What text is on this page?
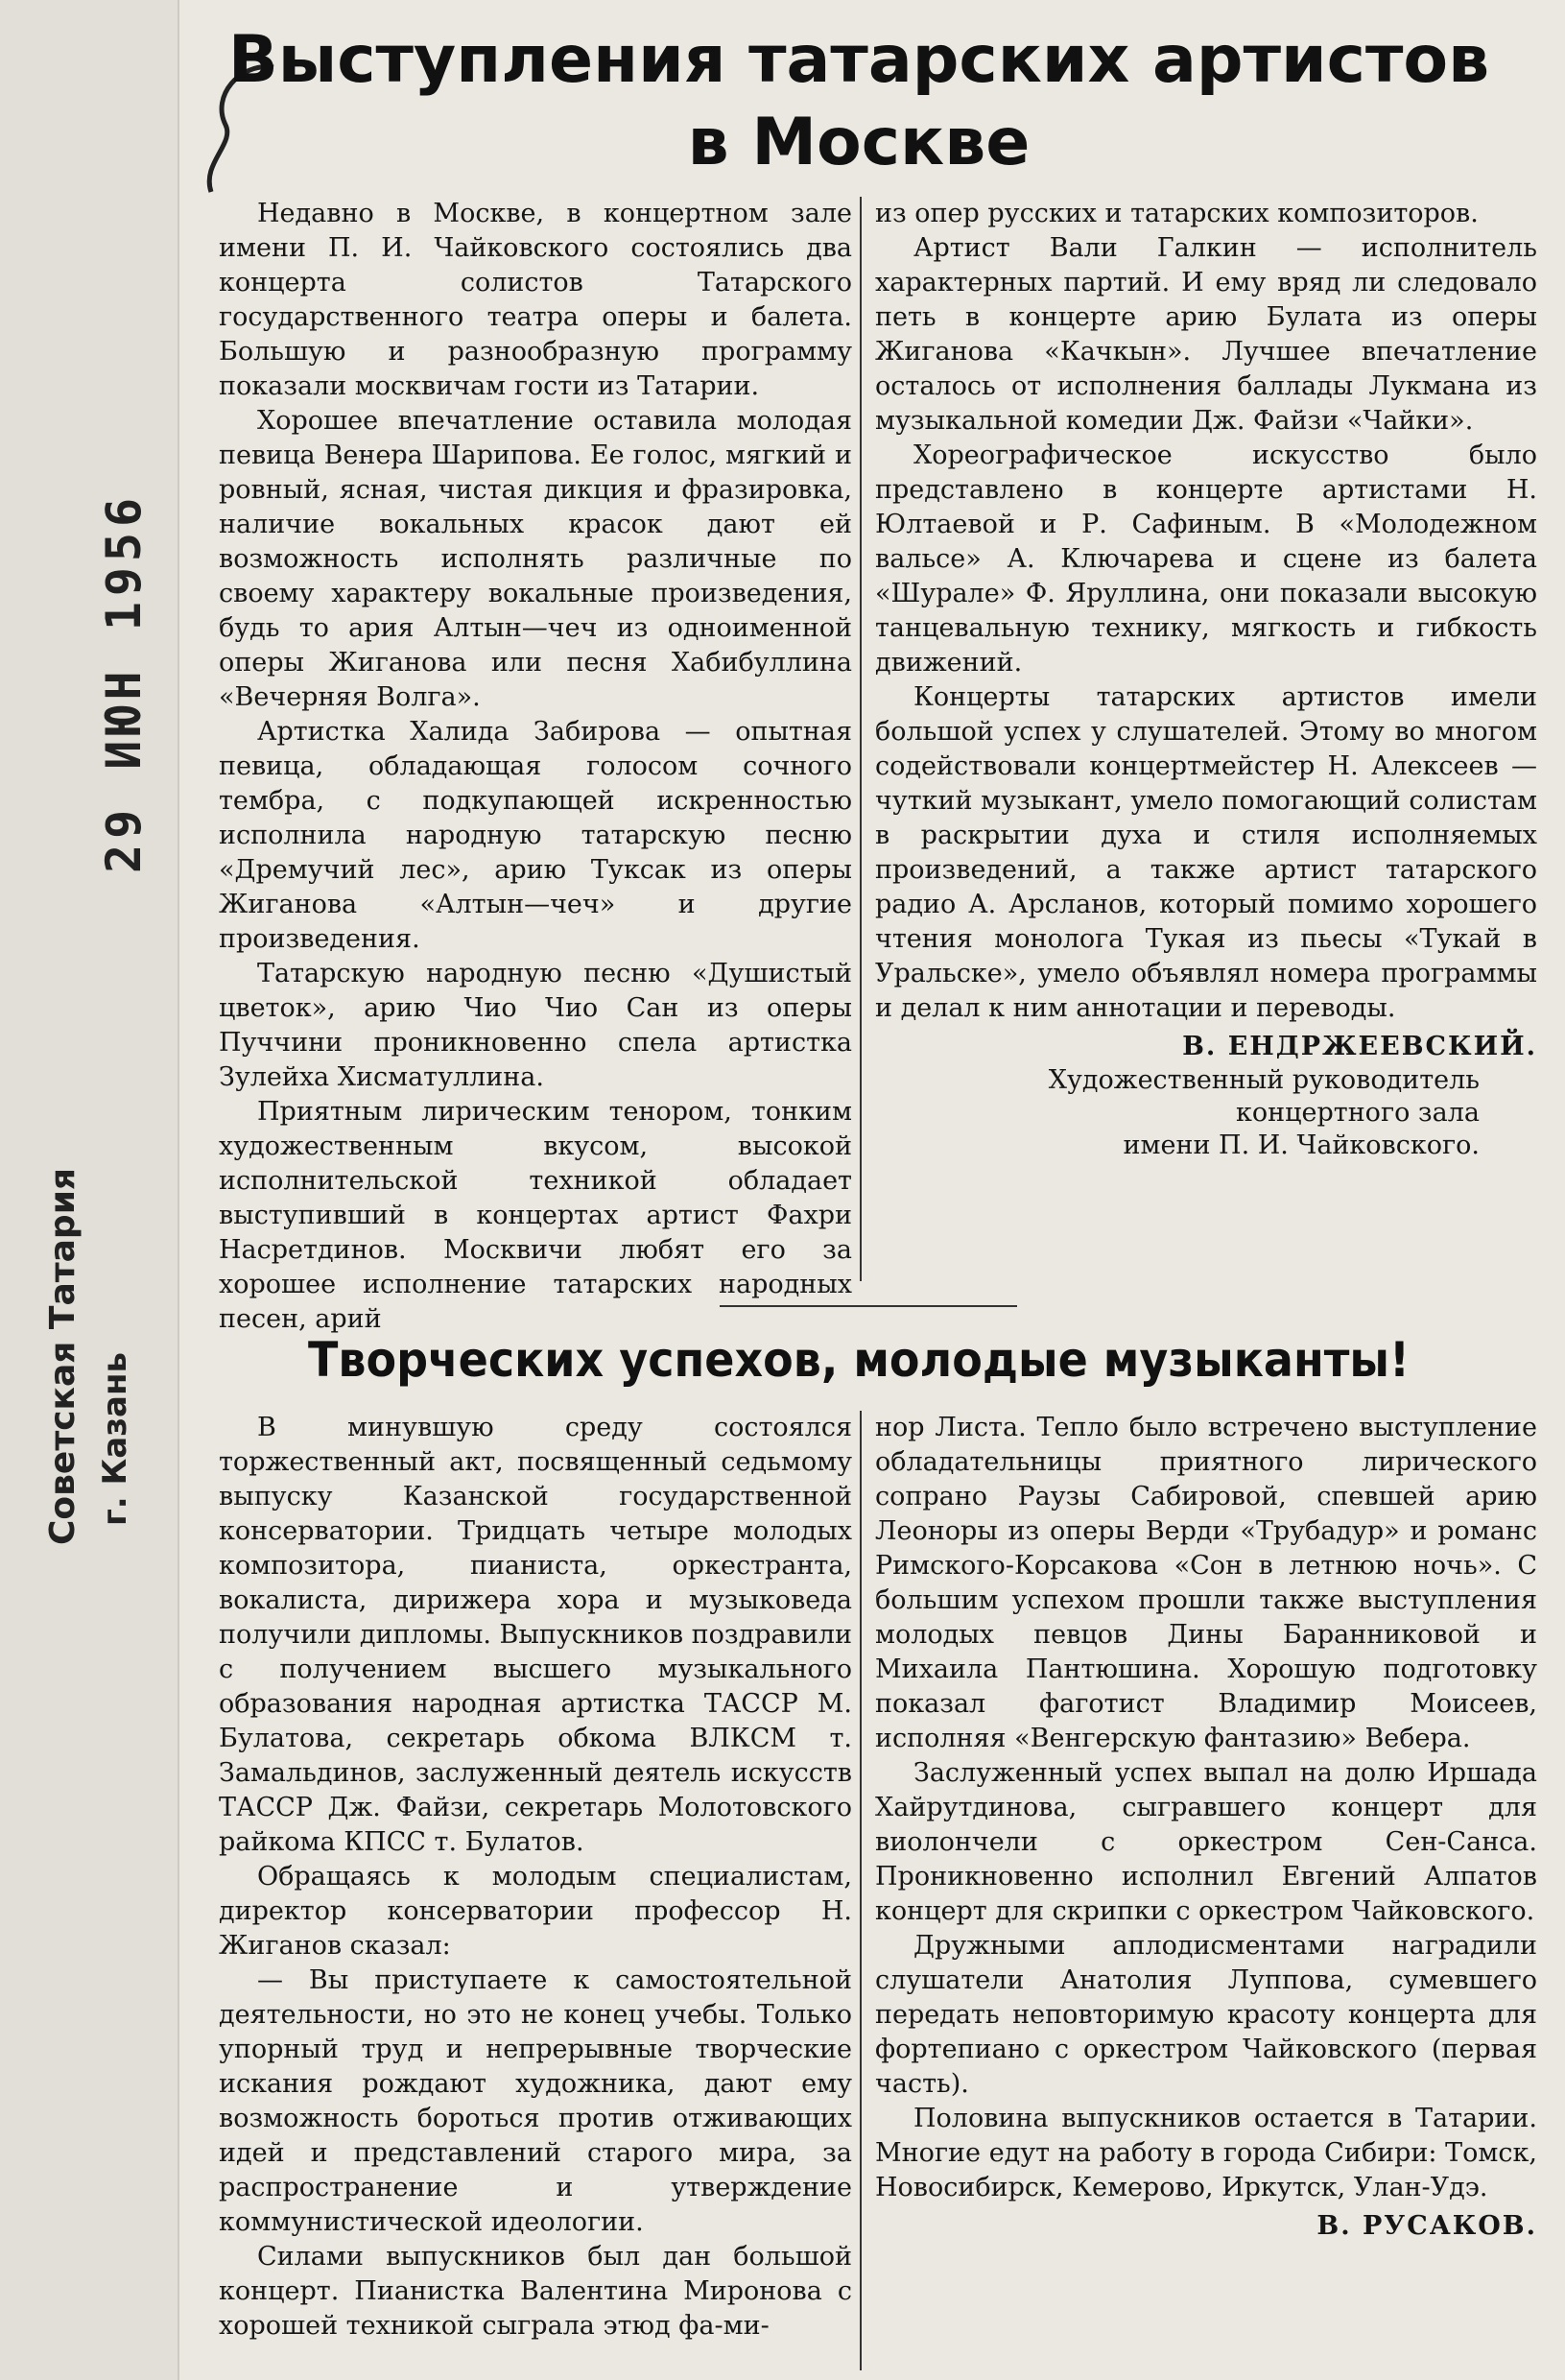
Советская Татария г. Казань
Выступления татарских артистов
в Москве

Недавно в Москве, в концертном зале имени П. И. Чайковского состоялись два концерта солистов Татарского государственного театра оперы и балета. Большую и разнообразную программу показали москвичам гости из Татарии.

Хорошее впечатление оставила молодая певица Венера Шарипова. Ее голос, мягкий и ровный, ясная, чистая дикция и фразировка, наличие вокальных красок дают ей возможность исполнять различные по своему характеру вокальные произведения, будь то ария Алтын—чеч из одноименной оперы Жиганова или песня Хабибуллина «Вечерняя Волга».

Артистка Халида Забирова — опытная певица, обладающая голосом сочного тембра, с подкупающей искренностью исполнила народную татарскую песню «Дремучий лес», арию Туксак из оперы Жиганова «Алтын—чеч» и другие произведения.

Татарскую народную песню «Душистый цветок», арию Чио Чио Сан из оперы Пуччини проникновенно спела артистка Зулейха Хисматуллина.

Приятным лирическим тенором, тонким художественным вкусом, высокой исполнительской техникой обладает выступивший в концертах артист Фахри Насретдинов. Москвичи любят его за хорошее исполнение татарских народных песен, арий

из опер русских и татарских композиторов.

Артист Вали Галкин — исполнитель характерных партий. И ему вряд ли следовало петь в концерте арию Булата из оперы Жиганова «Качкын». Лучшее впечатление осталось от исполнения баллады Лукмана из музыкальной комедии Дж. Файзи «Чайки».

Хореографическое искусство было представлено в концерте артистами Н. Юлтаевой и Р. Сафиным. В «Молодежном вальсе» А. Ключарева и сцене из балета «Шурале» Ф. Яруллина, они показали высокую танцевальную технику, мягкость и гибкость движений.

Концерты татарских артистов имели большой успех у слушателей. Этому во многом содействовали концертмейстер Н. Алексеев — чуткий музыкант, умело помогающий солистам в раскрытии духа и стиля исполняемых произведений, а также артист татарского радио А. Арсланов, который помимо хорошего чтения монолога Тукая из пьесы «Тукай в Уральске», умело объявлял номера программы и делал к ним аннотации и переводы.

В. ЕНДРЖЕЕВСКИЙ.
Художественный руководитель
концертного зала
имени П. И. Чайковского.
Творческих успехов, молодые музыканты!

В минувшую среду состоялся торжественный акт, посвященный седьмому выпуску Казанской государственной консерватории. Тридцать четыре молодых композитора, пианиста, оркестранта, вокалиста, дирижера хора и музыковеда получили дипломы. Выпускников поздравили с получением высшего музыкального образования народная артистка ТАССР М. Булатова, секретарь обкома ВЛКСМ т. Замальдинов, заслуженный деятель искусств ТАССР Дж. Файзи, секретарь Молотовского райкома КПСС т. Булатов.

Обращаясь к молодым специалистам, директор консерватории профессор Н. Жиганов сказал:

— Вы приступаете к самостоятельной деятельности, но это не конец учебы. Только упорный труд и непрерывные творческие искания рождают художника, дают ему возможность бороться против отживающих идей и представлений старого мира, за распространение и утверждение коммунистической идеологии.

Силами выпускников был дан большой концерт. Пианистка Валентина Миронова с хорошей техникой сыграла этюд фа-ми-

нор Листа. Тепло было встречено выступление обладательницы приятного лирического сопрано Раузы Сабировой, спевшей арию Леоноры из оперы Верди «Трубадур» и романс Римского-Корсакова «Сон в летнюю ночь». С большим успехом прошли также выступления молодых певцов Дины Баранниковой и Михаила Пантюшина. Хорошую подготовку показал фаготист Владимир Моисеев, исполняя «Венгерскую фантазию» Вебера.

Заслуженный успех выпал на долю Иршада Хайрутдинова, сыгравшего концерт для виолончели с оркестром Сен-Санса. Проникновенно исполнил Евгений Алпатов концерт для скрипки с оркестром Чайковского.

Дружными аплодисментами наградили слушатели Анатолия Луппова, сумевшего передать неповторимую красоту концерта для фортепиано с оркестром Чайковского (первая часть).

Половина выпускников остается в Татарии. Многие едут на работу в города Сибири: Томск, Новосибирск, Кемерово, Иркутск, Улан-Удэ.

В. РУСАКОВ.
